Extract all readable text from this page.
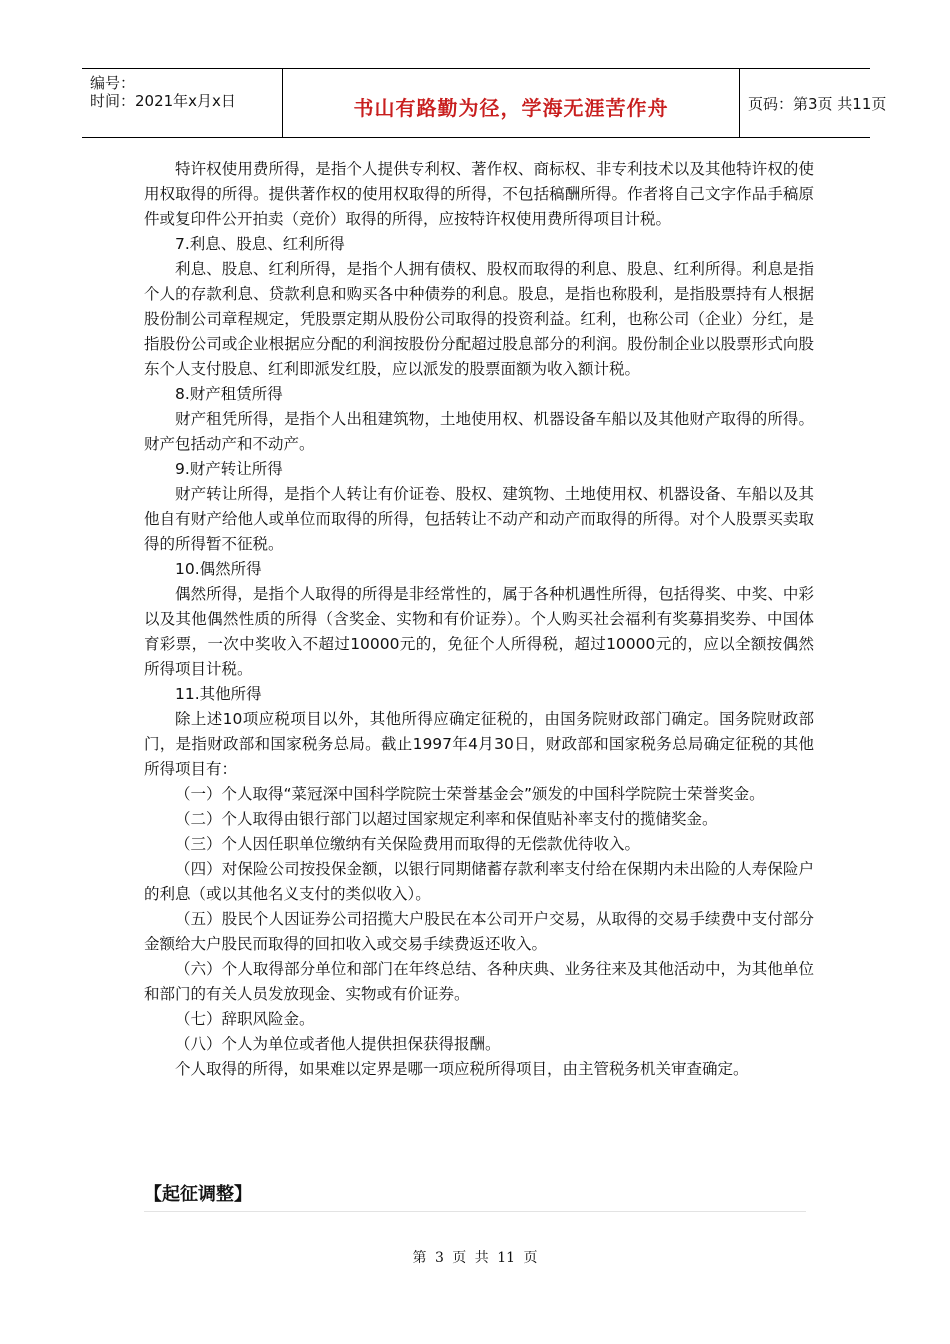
编号：
时间：2021年x月x日	书山有路勤为径，学海无涯苦作舟	页码：第3页 共11页

特许权使用费所得，是指个人提供专利权、著作权、商标权、非专利技术以及其他特许权的使用权取得的所得。提供著作权的使用权取得的所得，不包括稿酬所得。作者将自己文字作品手稿原件或复印件公开拍卖（竞价）取得的所得，应按特许权使用费所得项目计税。

7.利息、股息、红利所得

利息、股息、红利所得，是指个人拥有债权、股权而取得的利息、股息、红利所得。利息是指个人的存款利息、贷款利息和购买各中种债券的利息。股息，是指也称股利，是指股票持有人根据股份制公司章程规定，凭股票定期从股份公司取得的投资利益。红利，也称公司（企业）分红，是指股份公司或企业根据应分配的利润按股份分配超过股息部分的利润。股份制企业以股票形式向股东个人支付股息、红利即派发红股，应以派发的股票面额为收入额计税。

8.财产租赁所得

财产租凭所得，是指个人出租建筑物，土地使用权、机器设备车船以及其他财产取得的所得。财产包括动产和不动产。

9.财产转让所得

财产转让所得，是指个人转让有价证卷、股权、建筑物、土地使用权、机器设备、车船以及其他自有财产给他人或单位而取得的所得，包括转让不动产和动产而取得的所得。对个人股票买卖取得的所得暂不征税。

10.偶然所得

偶然所得，是指个人取得的所得是非经常性的，属于各种机遇性所得，包括得奖、中奖、中彩以及其他偶然性质的所得（含奖金、实物和有价证券）。个人购买社会福利有奖募捐奖券、中国体育彩票，一次中奖收入不超过10000元的，免征个人所得税，超过10000元的，应以全额按偶然所得项目计税。

11.其他所得

除上述10项应税项目以外，其他所得应确定征税的，由国务院财政部门确定。国务院财政部门，是指财政部和国家税务总局。截止1997年4月30日，财政部和国家税务总局确定征税的其他所得项目有：

（一）个人取得“菜冠深中国科学院院士荣誉基金会”颁发的中国科学院院士荣誉奖金。

（二）个人取得由银行部门以超过国家规定利率和保值贴补率支付的揽储奖金。

（三）个人因任职单位缴纳有关保险费用而取得的无偿款优待收入。

（四）对保险公司按投保金额，以银行同期储蓄存款利率支付给在保期内未出险的人寿保险户的利息（或以其他名义支付的类似收入）。

（五）股民个人因证券公司招揽大户股民在本公司开户交易，从取得的交易手续费中支付部分金额给大户股民而取得的回扣收入或交易手续费返还收入。

（六）个人取得部分单位和部门在年终总结、各种庆典、业务往来及其他活动中，为其他单位和部门的有关人员发放现金、实物或有价证券。

（七）辞职风险金。

（八）个人为单位或者他人提供担保获得报酬。

个人取得的所得，如果难以定界是哪一项应税所得项目，由主管税务机关审查确定。

【起征调整】
第 3 页 共 11 页
